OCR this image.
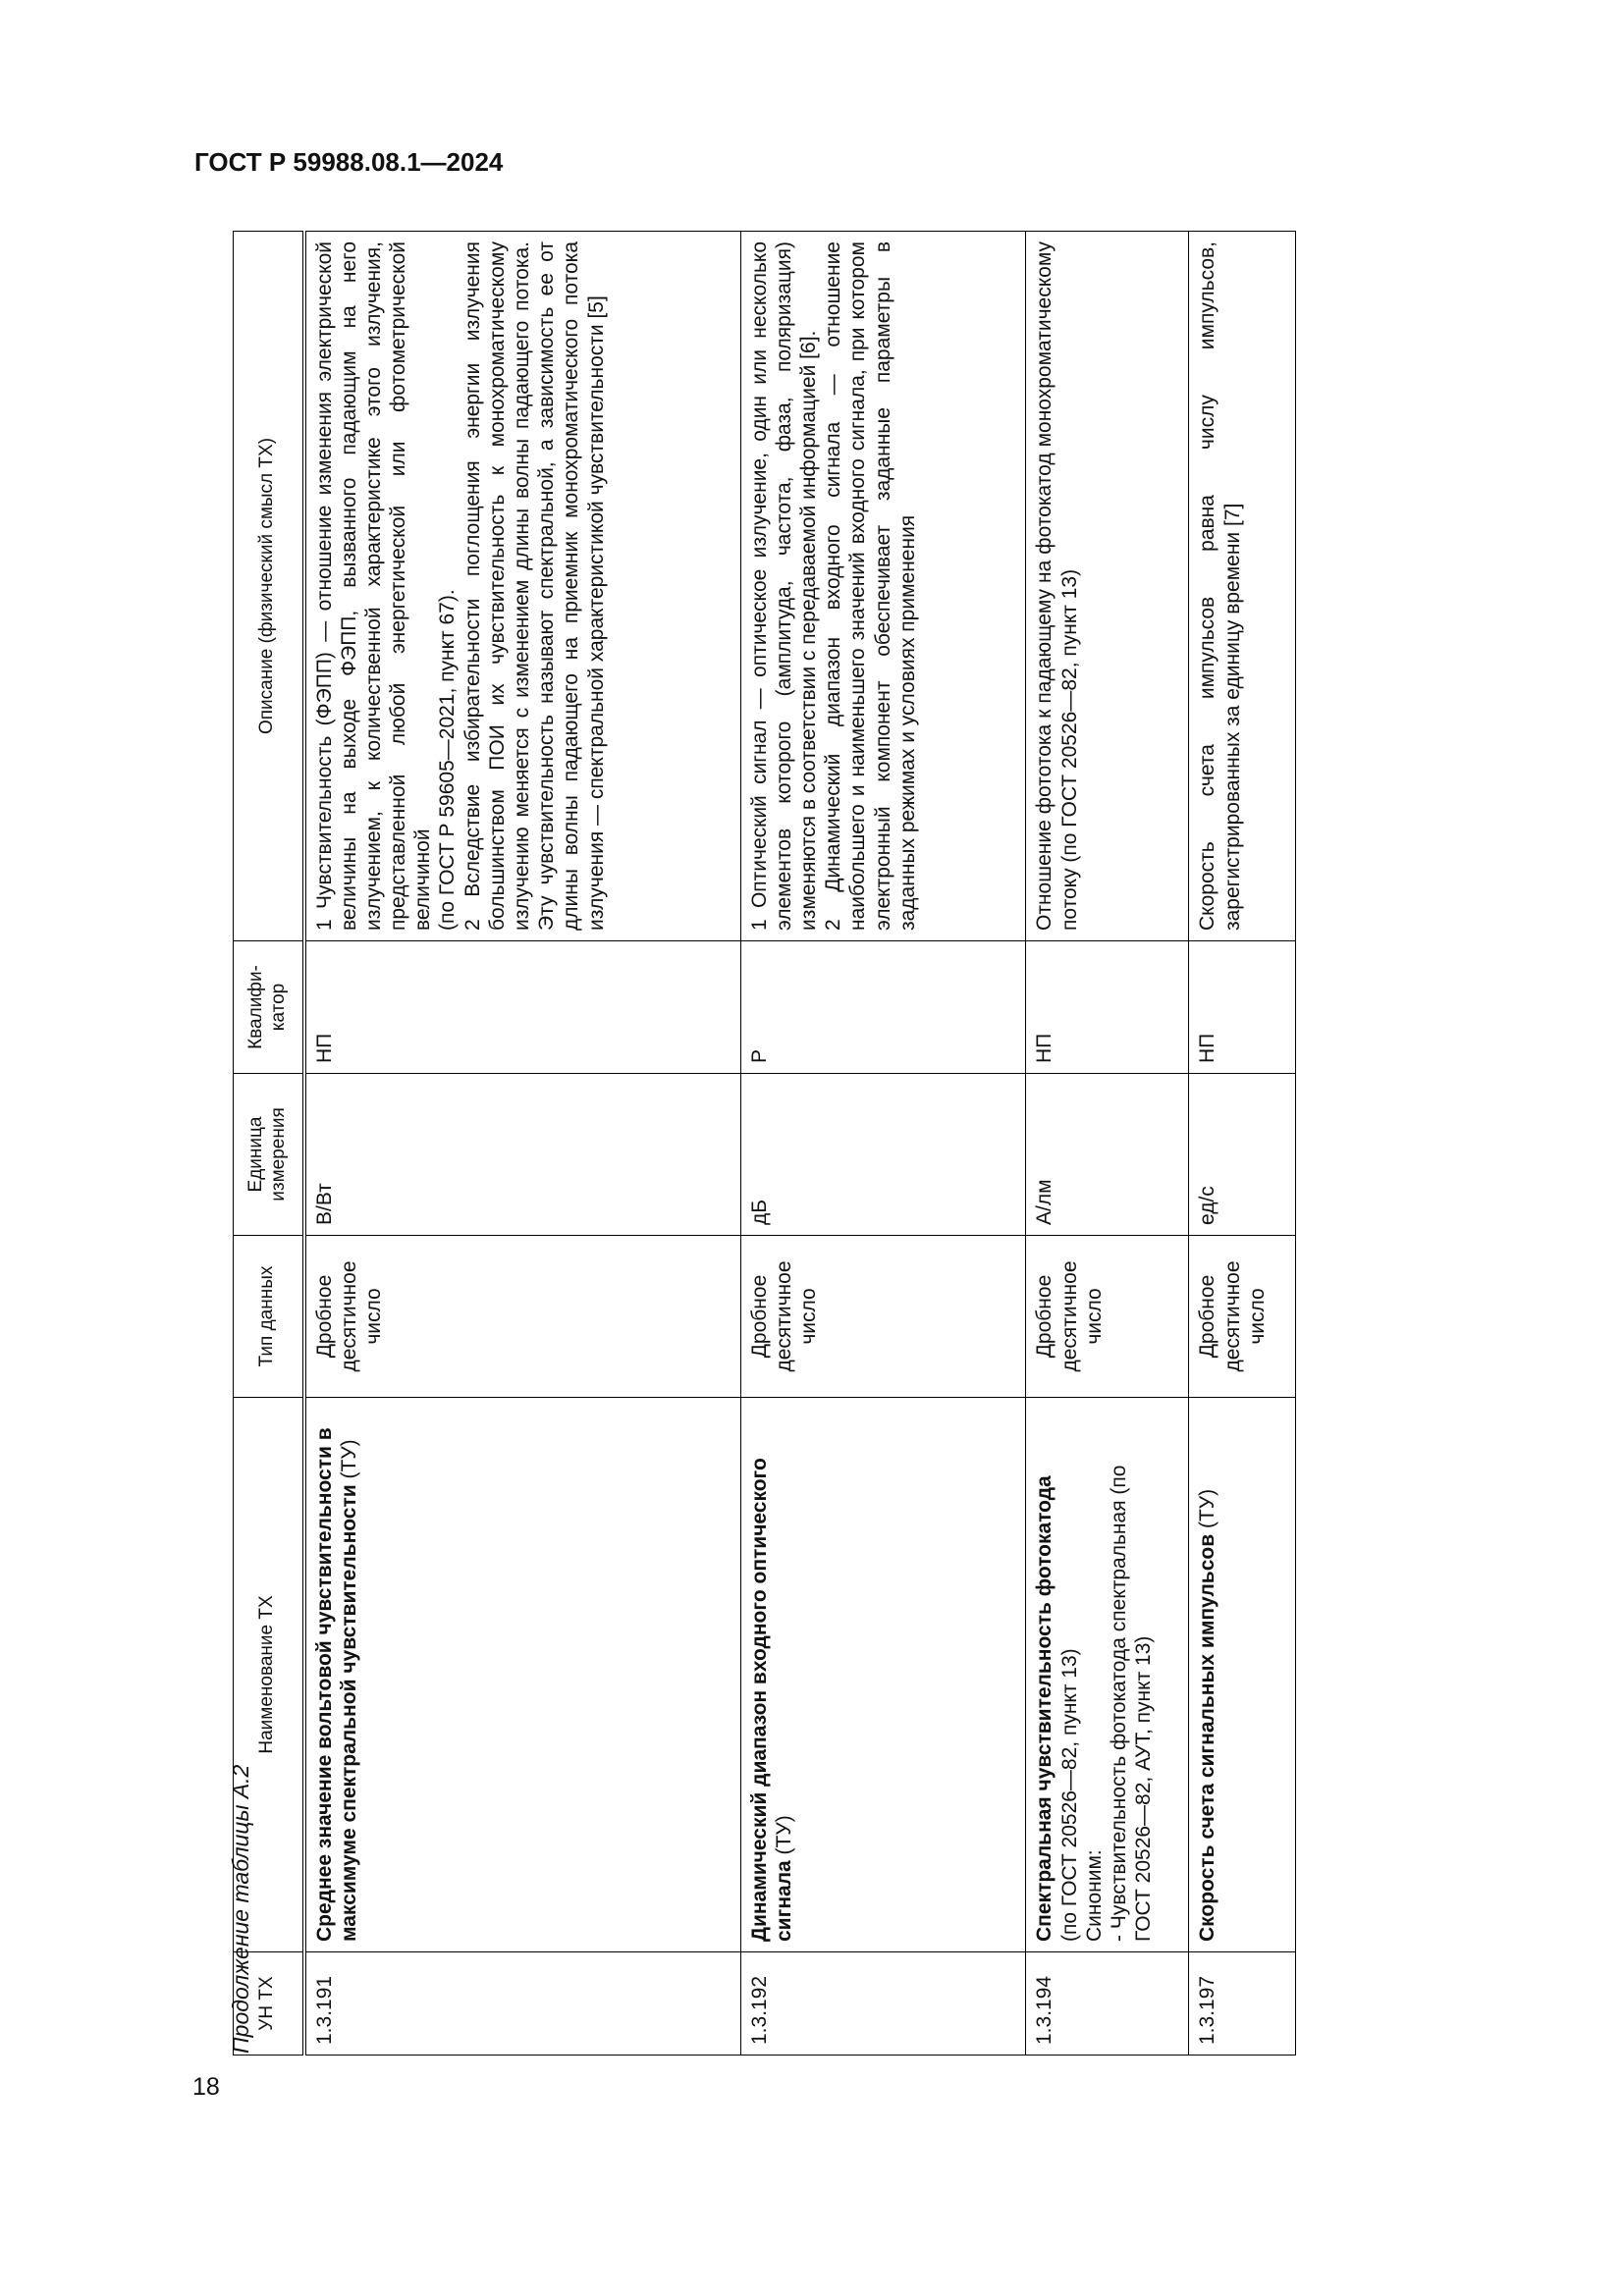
ГОСТ Р 59988.08.1—2024
18
Продолжение таблицы А.2 УН ТХ	Наименование ТХ	Тип данных	Единица измерения	Квалифи-катор	Описание (физический смысл ТХ)
1.3.191	Среднее значение вольтовой чувствительности в максимуме спектральной чувствительности (ТУ)	Дробное десятичное число	В/Вт	НП	1 Чувствительность (ФЭПП) — отношение изменения электрической величины на выходе ФЭПП, вызванного падающим на него излучением, к количественной характеристике этого излучения, представленной любой энергетической или фотометрической величиной (по ГОСТ Р 59605—2021, пункт 67). 2 Вследствие избирательности поглощения энергии излучения большинством ПОИ их чувствительность к монохроматическому излучению меняется с изменением длины волны падающего потока. Эту чувствительность называют спектральной, а зависимость ее от длины волны падающего на приемник монохроматического потока излучения — спектральной характеристикой чувствительности [5]

1.3.192	Динамический диапазон входного оптического сигнала (ТУ)	Дробное десятичное число	дБ	Р	1 Оптический сигнал — оптическое излучение, один или несколько элементов которого (амплитуда, частота, фаза, поляризация) изменяются в соответствии с передаваемой информацией [6]. 2 Динамический диапазон входного сигнала — отношение наибольшего и наименьшего значений входного сигнала, при котором электронный компонент обеспечивает заданные параметры в заданных режимах и условиях применения

1.3.194	Спектральная чувствительность фотокатода (по ГОСТ 20526—82, пункт 13) Синоним: - Чувствительность фотокатода спектральная (по ГОСТ 20526—82, АУТ, пункт 13)	Дробное десятичное число	А/лм	НП	Отношение фототока к падающему на фотокатод монохроматическому потоку (по ГОСТ 20526—82, пункт 13)

1.3.197	Скорость счета сигнальных импульсов (ТУ)	Дробное десятичное число	ед/с	НП	Скорость счета импульсов равна числу импульсов, зарегистрированных за единицу времени [7]
